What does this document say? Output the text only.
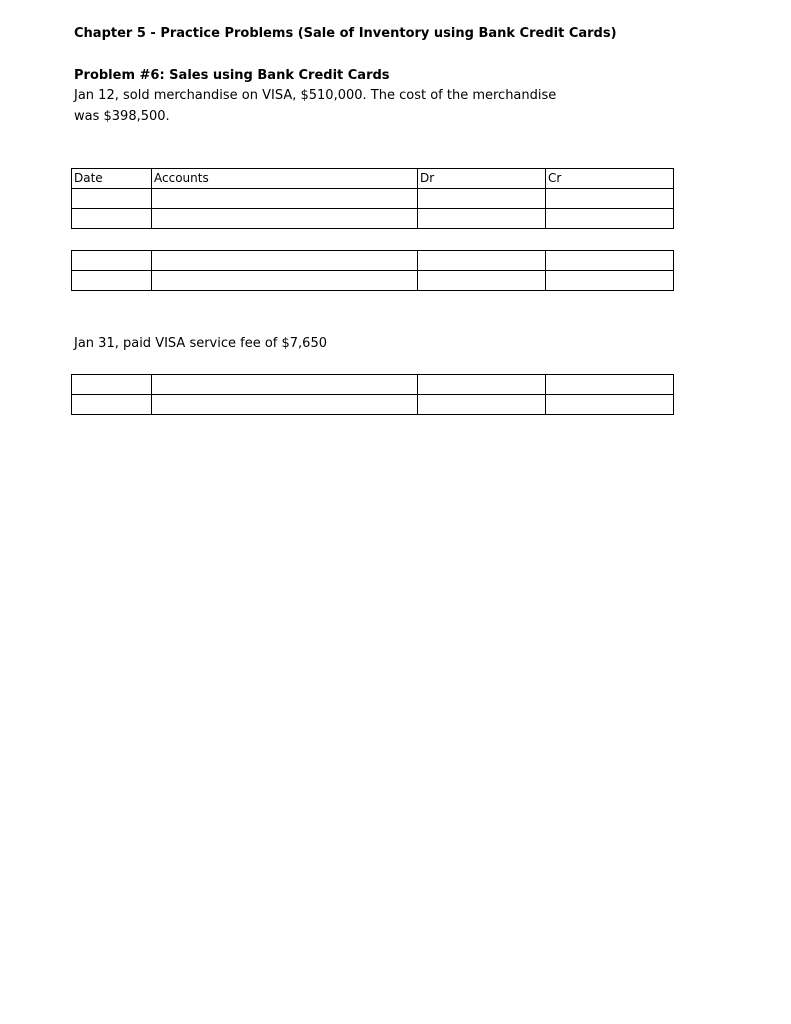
Chapter 5 - Practice Problems (Sale of Inventory using Bank Credit Cards)
Problem #6: Sales using Bank Credit Cards
Jan 12, sold merchandise on VISA, $510,000. The cost of the merchandise
was $398,500.
Date	Accounts	Dr	Cr

Jan 31, paid VISA service fee of $7,650
